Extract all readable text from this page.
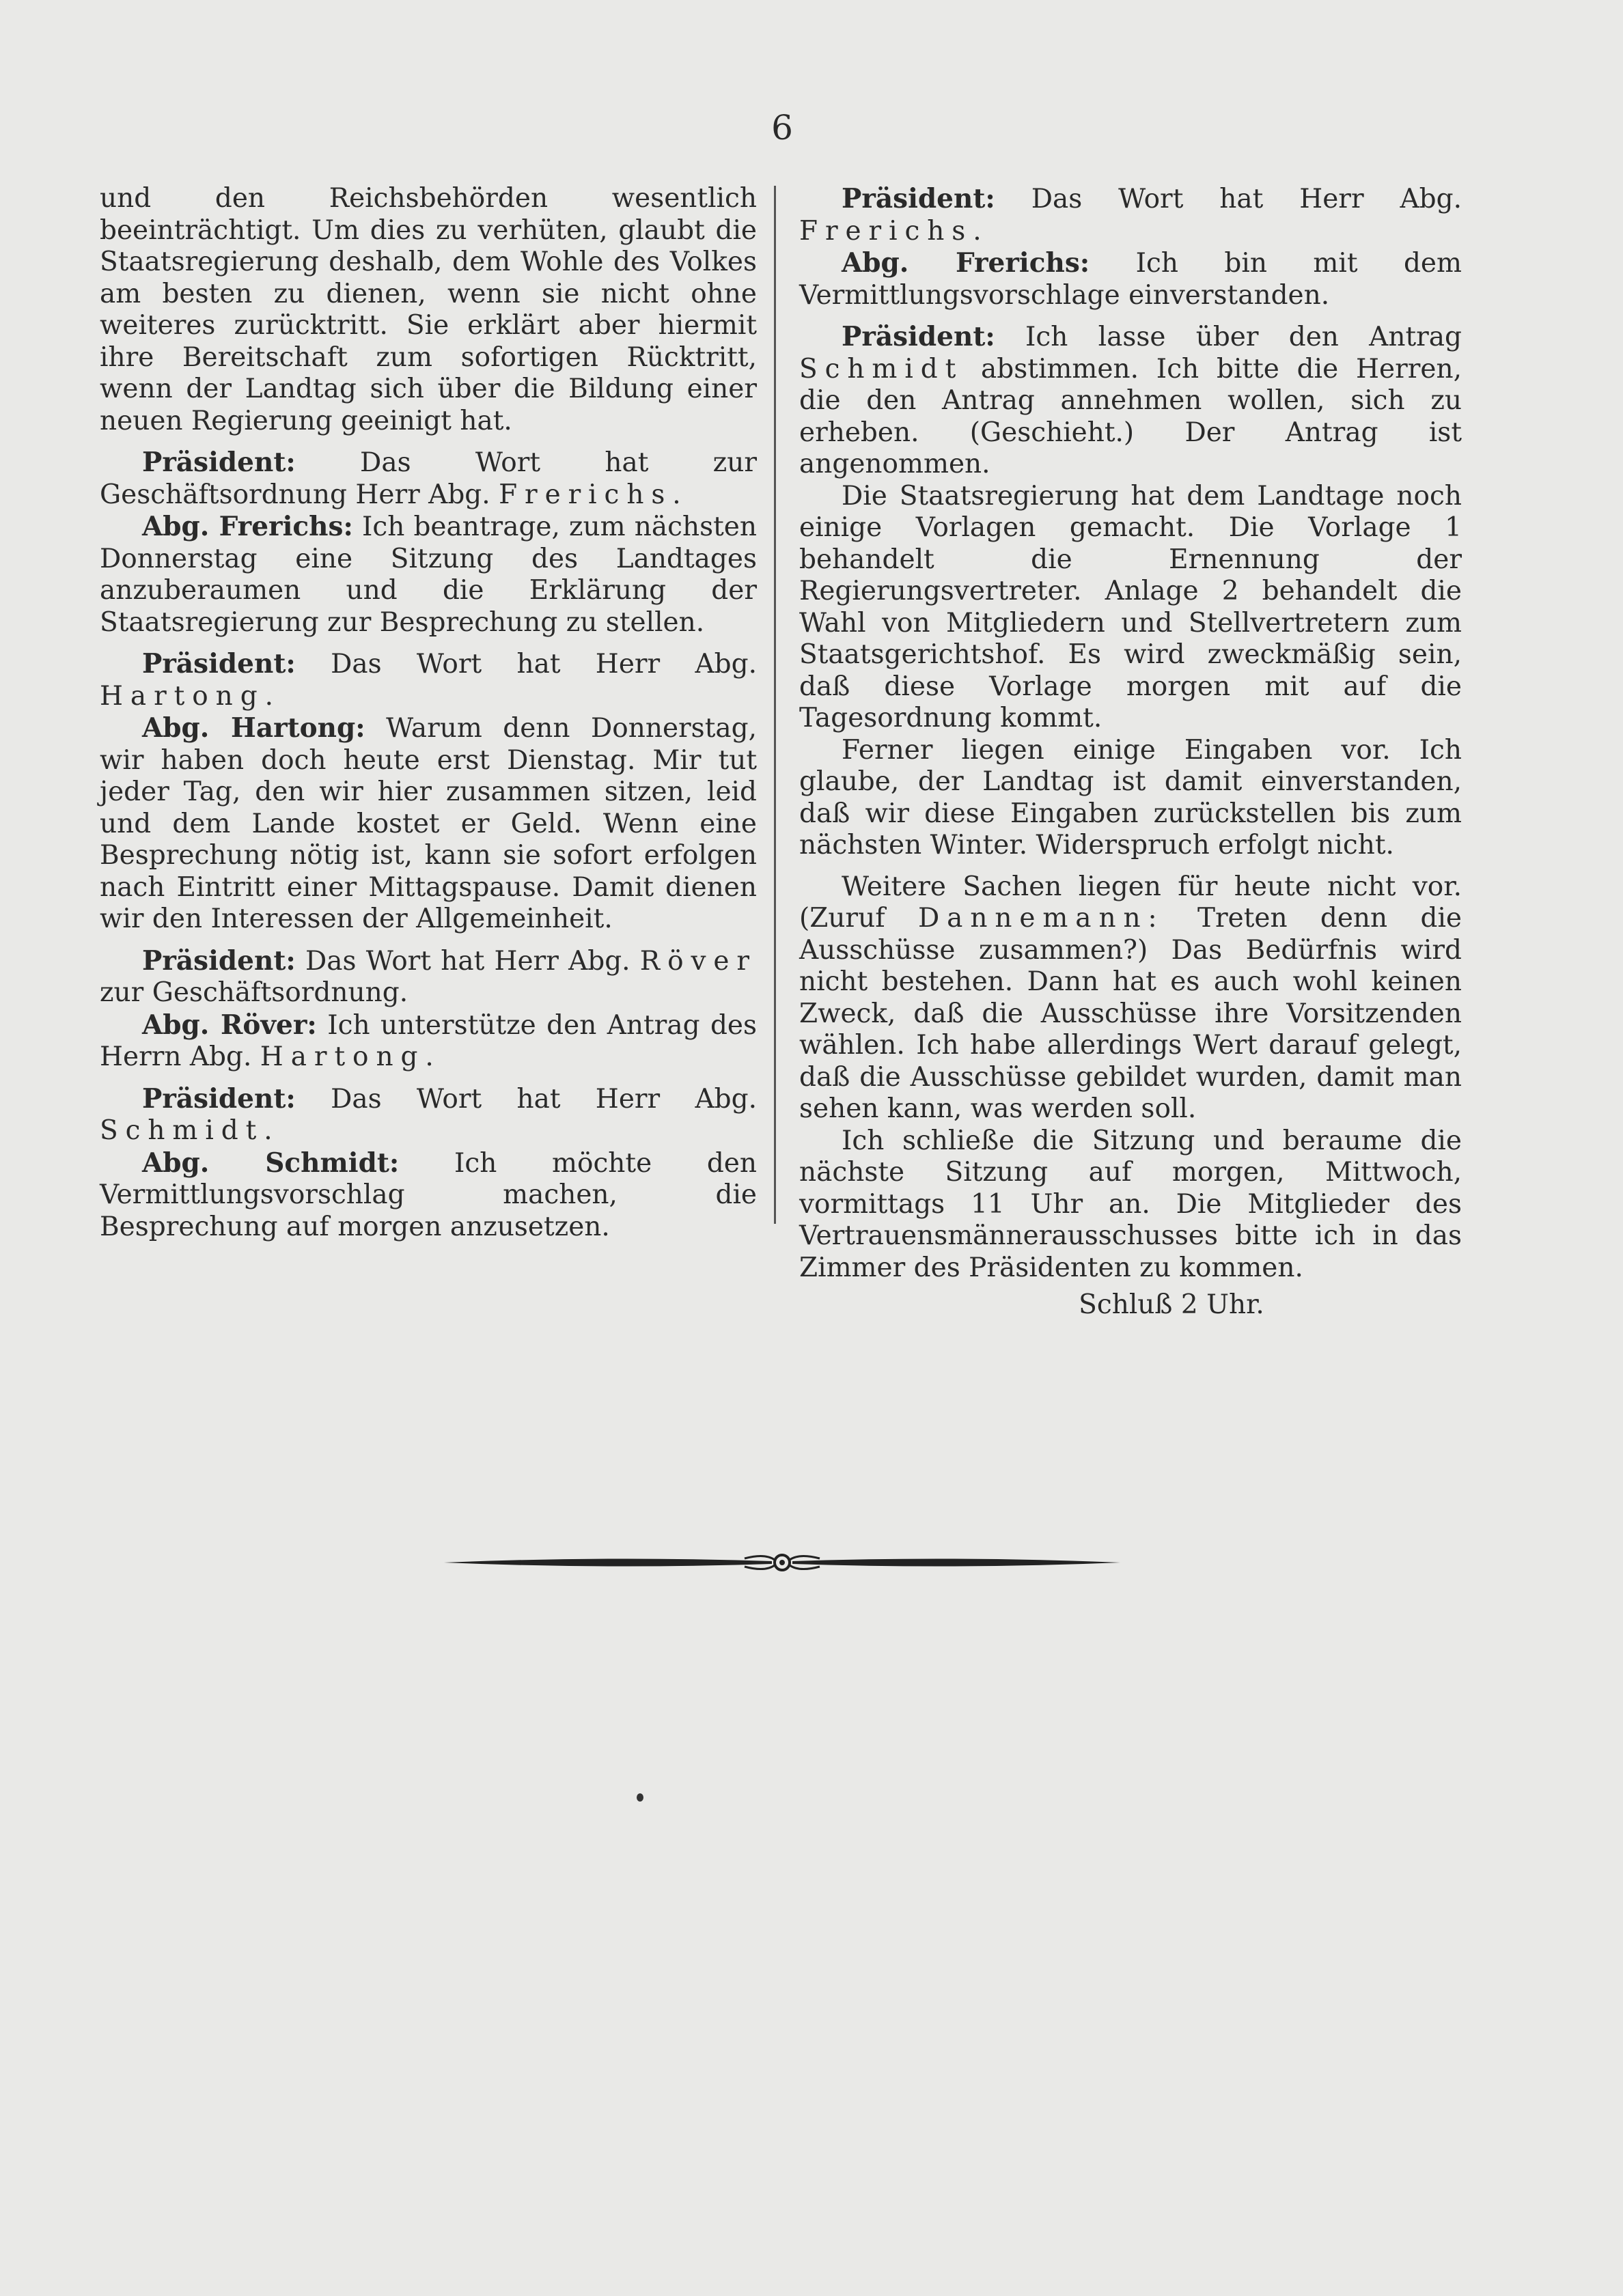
6

und den Reichsbehörden wesentlich beeinträchtigt. Um dies zu verhüten, glaubt die Staatsregierung deshalb, dem Wohle des Volkes am besten zu dienen, wenn sie nicht ohne weiteres zurücktritt. Sie erklärt aber hiermit ihre Bereitschaft zum sofortigen Rücktritt, wenn der Landtag sich über die Bildung einer neuen Regierung geeinigt hat.

Präsident: Das Wort hat zur Geschäftsordnung Herr Abg. Frerichs.

Abg. Frerichs: Ich beantrage, zum nächsten Donnerstag eine Sitzung des Landtages anzuberaumen und die Erklärung der Staatsregierung zur Besprechung zu stellen.

Präsident: Das Wort hat Herr Abg. Hartong.

Abg. Hartong: Warum denn Donnerstag, wir haben doch heute erst Dienstag. Mir tut jeder Tag, den wir hier zusammen sitzen, leid und dem Lande kostet er Geld. Wenn eine Besprechung nötig ist, kann sie sofort erfolgen nach Eintritt einer Mittagspause. Damit dienen wir den Interessen der Allgemeinheit.

Präsident: Das Wort hat Herr Abg. Röver zur Geschäftsordnung.

Abg. Röver: Ich unterstütze den Antrag des Herrn Abg. Hartong.

Präsident: Das Wort hat Herr Abg. Schmidt.

Abg. Schmidt: Ich möchte den Vermittlungsvorschlag machen, die Besprechung auf morgen anzusetzen.

Präsident: Das Wort hat Herr Abg. Frerichs.

Abg. Frerichs: Ich bin mit dem Vermittlungsvorschlage einverstanden.

Präsident: Ich lasse über den Antrag Schmidt abstimmen. Ich bitte die Herren, die den Antrag annehmen wollen, sich zu erheben. (Geschieht.) Der Antrag ist angenommen.

Die Staatsregierung hat dem Landtage noch einige Vorlagen gemacht. Die Vorlage 1 behandelt die Ernennung der Regierungsvertreter. Anlage 2 behandelt die Wahl von Mitgliedern und Stellvertretern zum Staatsgerichtshof. Es wird zweckmäßig sein, daß diese Vorlage morgen mit auf die Tagesordnung kommt.

Ferner liegen einige Eingaben vor. Ich glaube, der Landtag ist damit einverstanden, daß wir diese Eingaben zurückstellen bis zum nächsten Winter. Widerspruch erfolgt nicht.

Weitere Sachen liegen für heute nicht vor. (Zuruf Dannemann: Treten denn die Ausschüsse zusammen?) Das Bedürfnis wird nicht bestehen. Dann hat es auch wohl keinen Zweck, daß die Ausschüsse ihre Vorsitzenden wählen. Ich habe allerdings Wert darauf gelegt, daß die Ausschüsse gebildet wurden, damit man sehen kann, was werden soll.

Ich schließe die Sitzung und beraume die nächste Sitzung auf morgen, Mittwoch, vormittags 11 Uhr an. Die Mitglieder des Vertrauensmännerausschusses bitte ich in das Zimmer des Präsidenten zu kommen.

Schluß 2 Uhr.
